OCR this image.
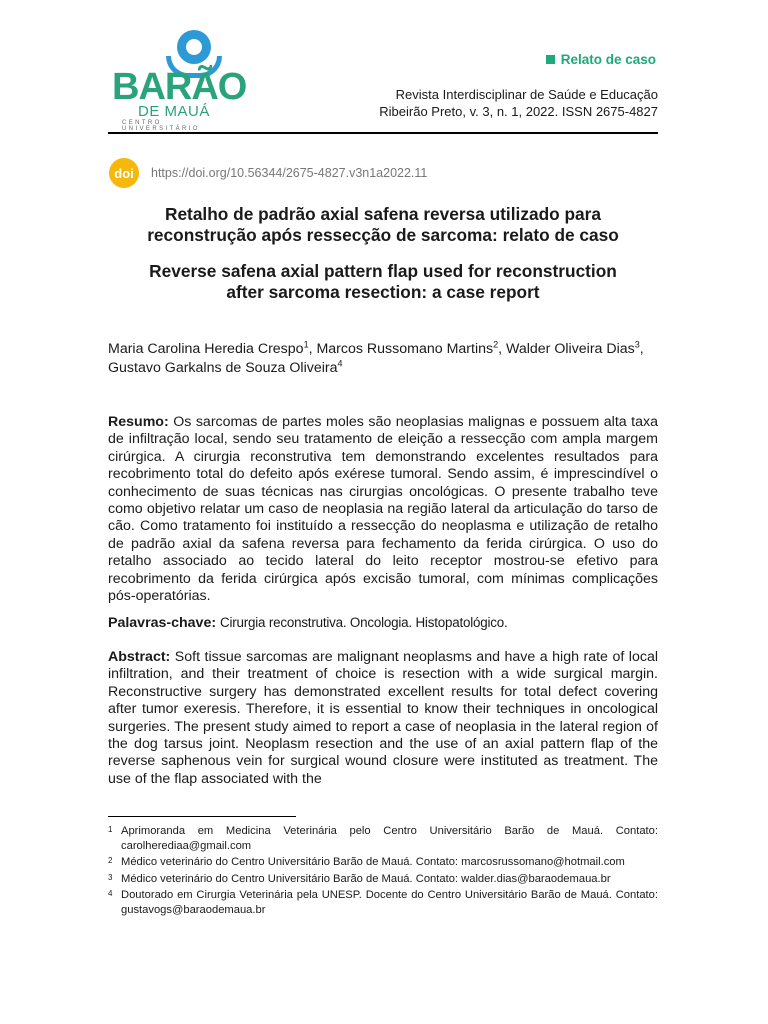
BARÃO
DE MAUÁ
CENTRO UNIVERSITÁRIO
Relato de caso
Revista Interdisciplinar de Saúde e Educação
Ribeirão Preto, v. 3, n. 1, 2022. ISSN 2675-4827
doi	https://doi.org/10.56344/2675-4827.v3n1a2022.11
Retalho de padrão axial safena reversa utilizado para
reconstrução após ressecção de sarcoma: relato de caso
Reverse safena axial pattern flap used for reconstruction
after sarcoma resection: a case report
Maria Carolina Heredia Crespo$^1$, Marcos Russomano Martins$^2$, Walder Oliveira Dias$^3$, Gustavo Garkalns de Souza Oliveira$^4$
Resumo: Os sarcomas de partes moles são neoplasias malignas e possuem alta taxa de infiltração local, sendo seu tratamento de eleição a ressecção com ampla margem cirúrgica. A cirurgia reconstrutiva tem demonstrando excelentes resultados para recobrimento total do defeito após exérese tumoral. Sendo assim, é imprescindível o conhecimento de suas técnicas nas cirurgias oncológicas. O presente trabalho teve como objetivo relatar um caso de neoplasia na região lateral da articulação do tarso de cão. Como tratamento foi instituído a ressecção do neoplasma e utilização de retalho de padrão axial da safena reversa para fechamento da ferida cirúrgica. O uso do retalho associado ao tecido lateral do leito receptor mostrou-se efetivo para recobrimento da ferida cirúrgica após excisão tumoral, com mínimas complicações pós-operatórias.
Palavras-chave: Cirurgia reconstrutiva. Oncologia. Histopatológico.
Abstract: Soft tissue sarcomas are malignant neoplasms and have a high rate of local infiltration, and their treatment of choice is resection with a wide surgical margin. Reconstructive surgery has demonstrated excellent results for total defect covering after tumor exeresis. Therefore, it is essential to know their techniques in oncological surgeries. The present study aimed to report a case of neoplasia in the lateral region of the dog tarsus joint. Neoplasm resection and the use of an axial pattern flap of the reverse saphenous vein for surgical wound closure were instituted as treatment. The use of the flap associated with the
1 Aprimoranda em Medicina Veterinária pelo Centro Universitário Barão de Mauá. Contato: carolherediaa@gmail.com
2 Médico veterinário do Centro Universitário Barão de Mauá. Contato: marcosrussomano@hotmail.com
3 Médico veterinário do Centro Universitário Barão de Mauá. Contato: walder.dias@baraodemaua.br
4 Doutorado em Cirurgia Veterinária pela UNESP. Docente do Centro Universitário Barão de Mauá. Contato: gustavogs@baraodemaua.br
